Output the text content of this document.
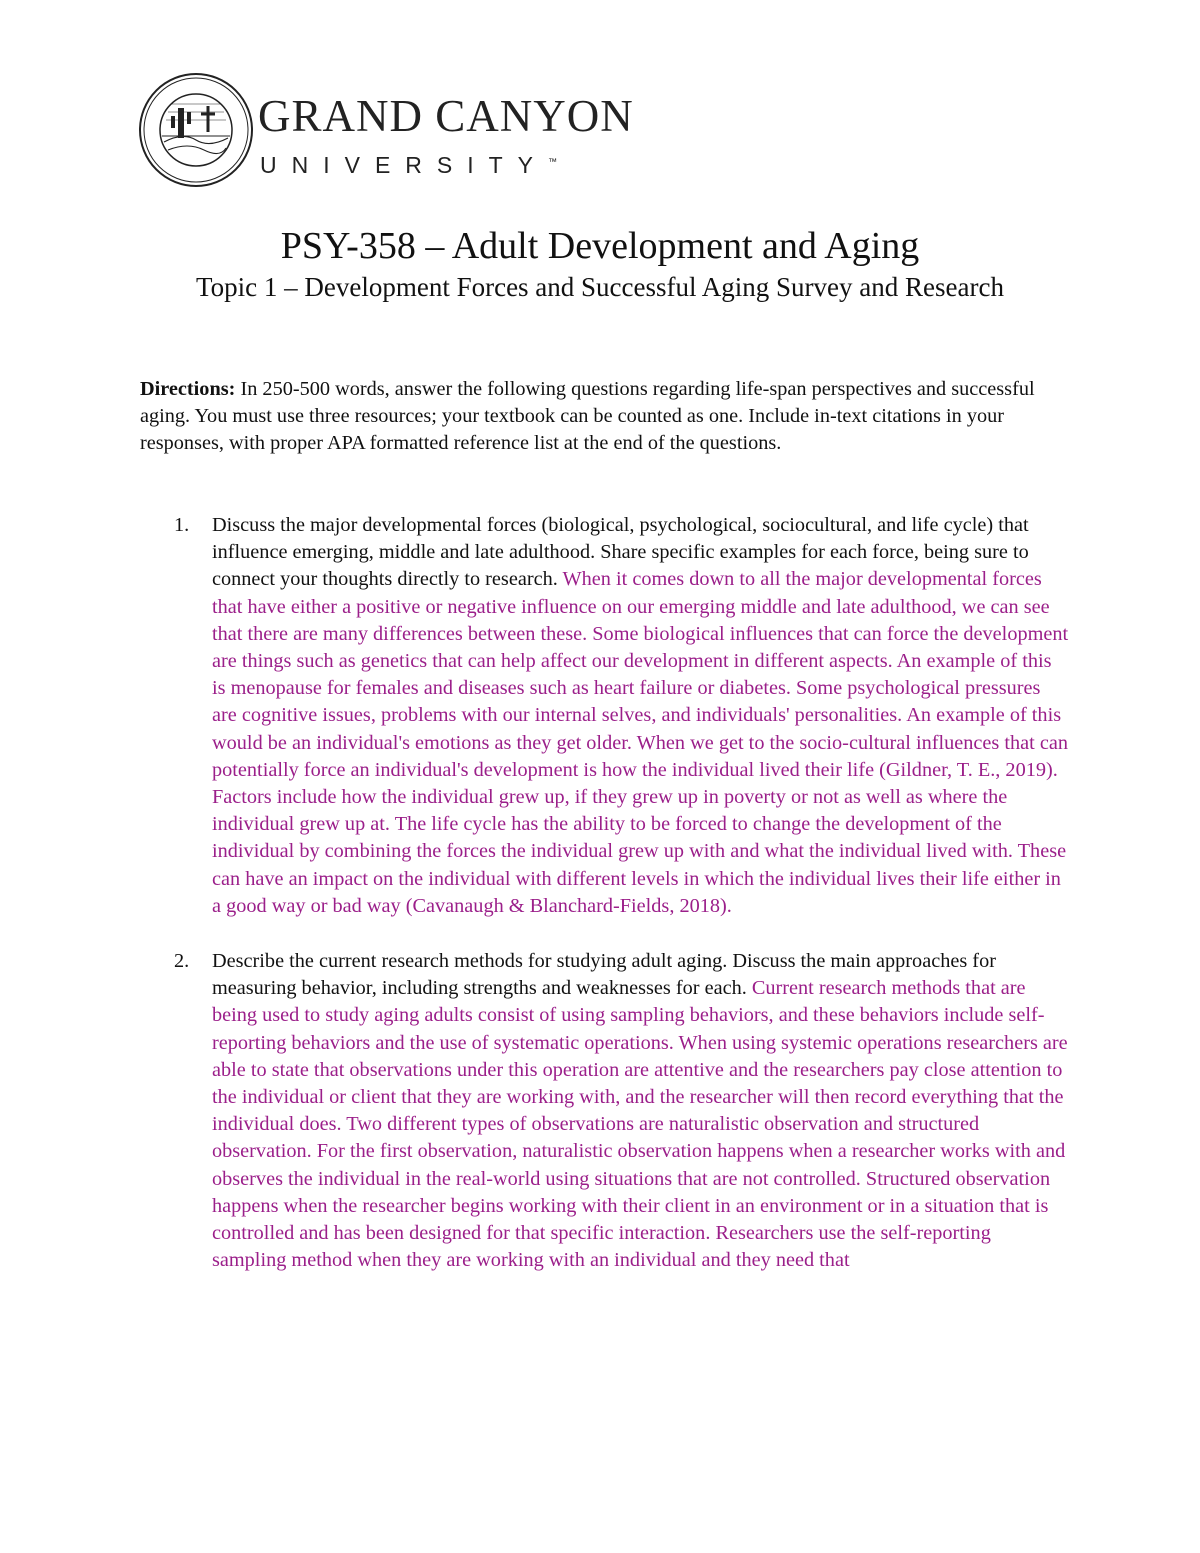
GRAND CANYON
UNIVERSITY™
PSY-358 – Adult Development and Aging
Topic 1 – Development Forces and Successful Aging Survey and Research

Directions: In 250-500 words, answer the following questions regarding life-span perspectives and successful aging. You must use three resources; your textbook can be counted as one. Include in-text citations in your responses, with proper APA formatted reference list at the end of the questions.

1. Discuss the major developmental forces (biological, psychological, sociocultural, and life cycle) that influence emerging, middle and late adulthood. Share specific examples for each force, being sure to connect your thoughts directly to research. When it comes down to all the major developmental forces that have either a positive or negative influence on our emerging middle and late adulthood, we can see that there are many differences between these. Some biological influences that can force the development are things such as genetics that can help affect our development in different aspects. An example of this is menopause for females and diseases such as heart failure or diabetes. Some psychological pressures are cognitive issues, problems with our internal selves, and individuals' personalities. An example of this would be an individual's emotions as they get older. When we get to the socio-cultural influences that can potentially force an individual's development is how the individual lived their life (Gildner, T. E., 2019). Factors include how the individual grew up, if they grew up in poverty or not as well as where the individual grew up at. The life cycle has the ability to be forced to change the development of the individual by combining the forces the individual grew up with and what the individual lived with. These can have an impact on the individual with different levels in which the individual lives their life either in a good way or bad way (Cavanaugh & Blanchard-Fields, 2018).
2. Describe the current research methods for studying adult aging. Discuss the main approaches for measuring behavior, including strengths and weaknesses for each. Current research methods that are being used to study aging adults consist of using sampling behaviors, and these behaviors include self-reporting behaviors and the use of systematic operations. When using systemic operations researchers are able to state that observations under this operation are attentive and the researchers pay close attention to the individual or client that they are working with, and the researcher will then record everything that the individual does. Two different types of observations are naturalistic observation and structured observation. For the first observation, naturalistic observation happens when a researcher works with and observes the individual in the real-world using situations that are not controlled. Structured observation happens when the researcher begins working with their client in an environment or in a situation that is controlled and has been designed for that specific interaction. Researchers use the self-reporting sampling method when they are working with an individual and they need that
